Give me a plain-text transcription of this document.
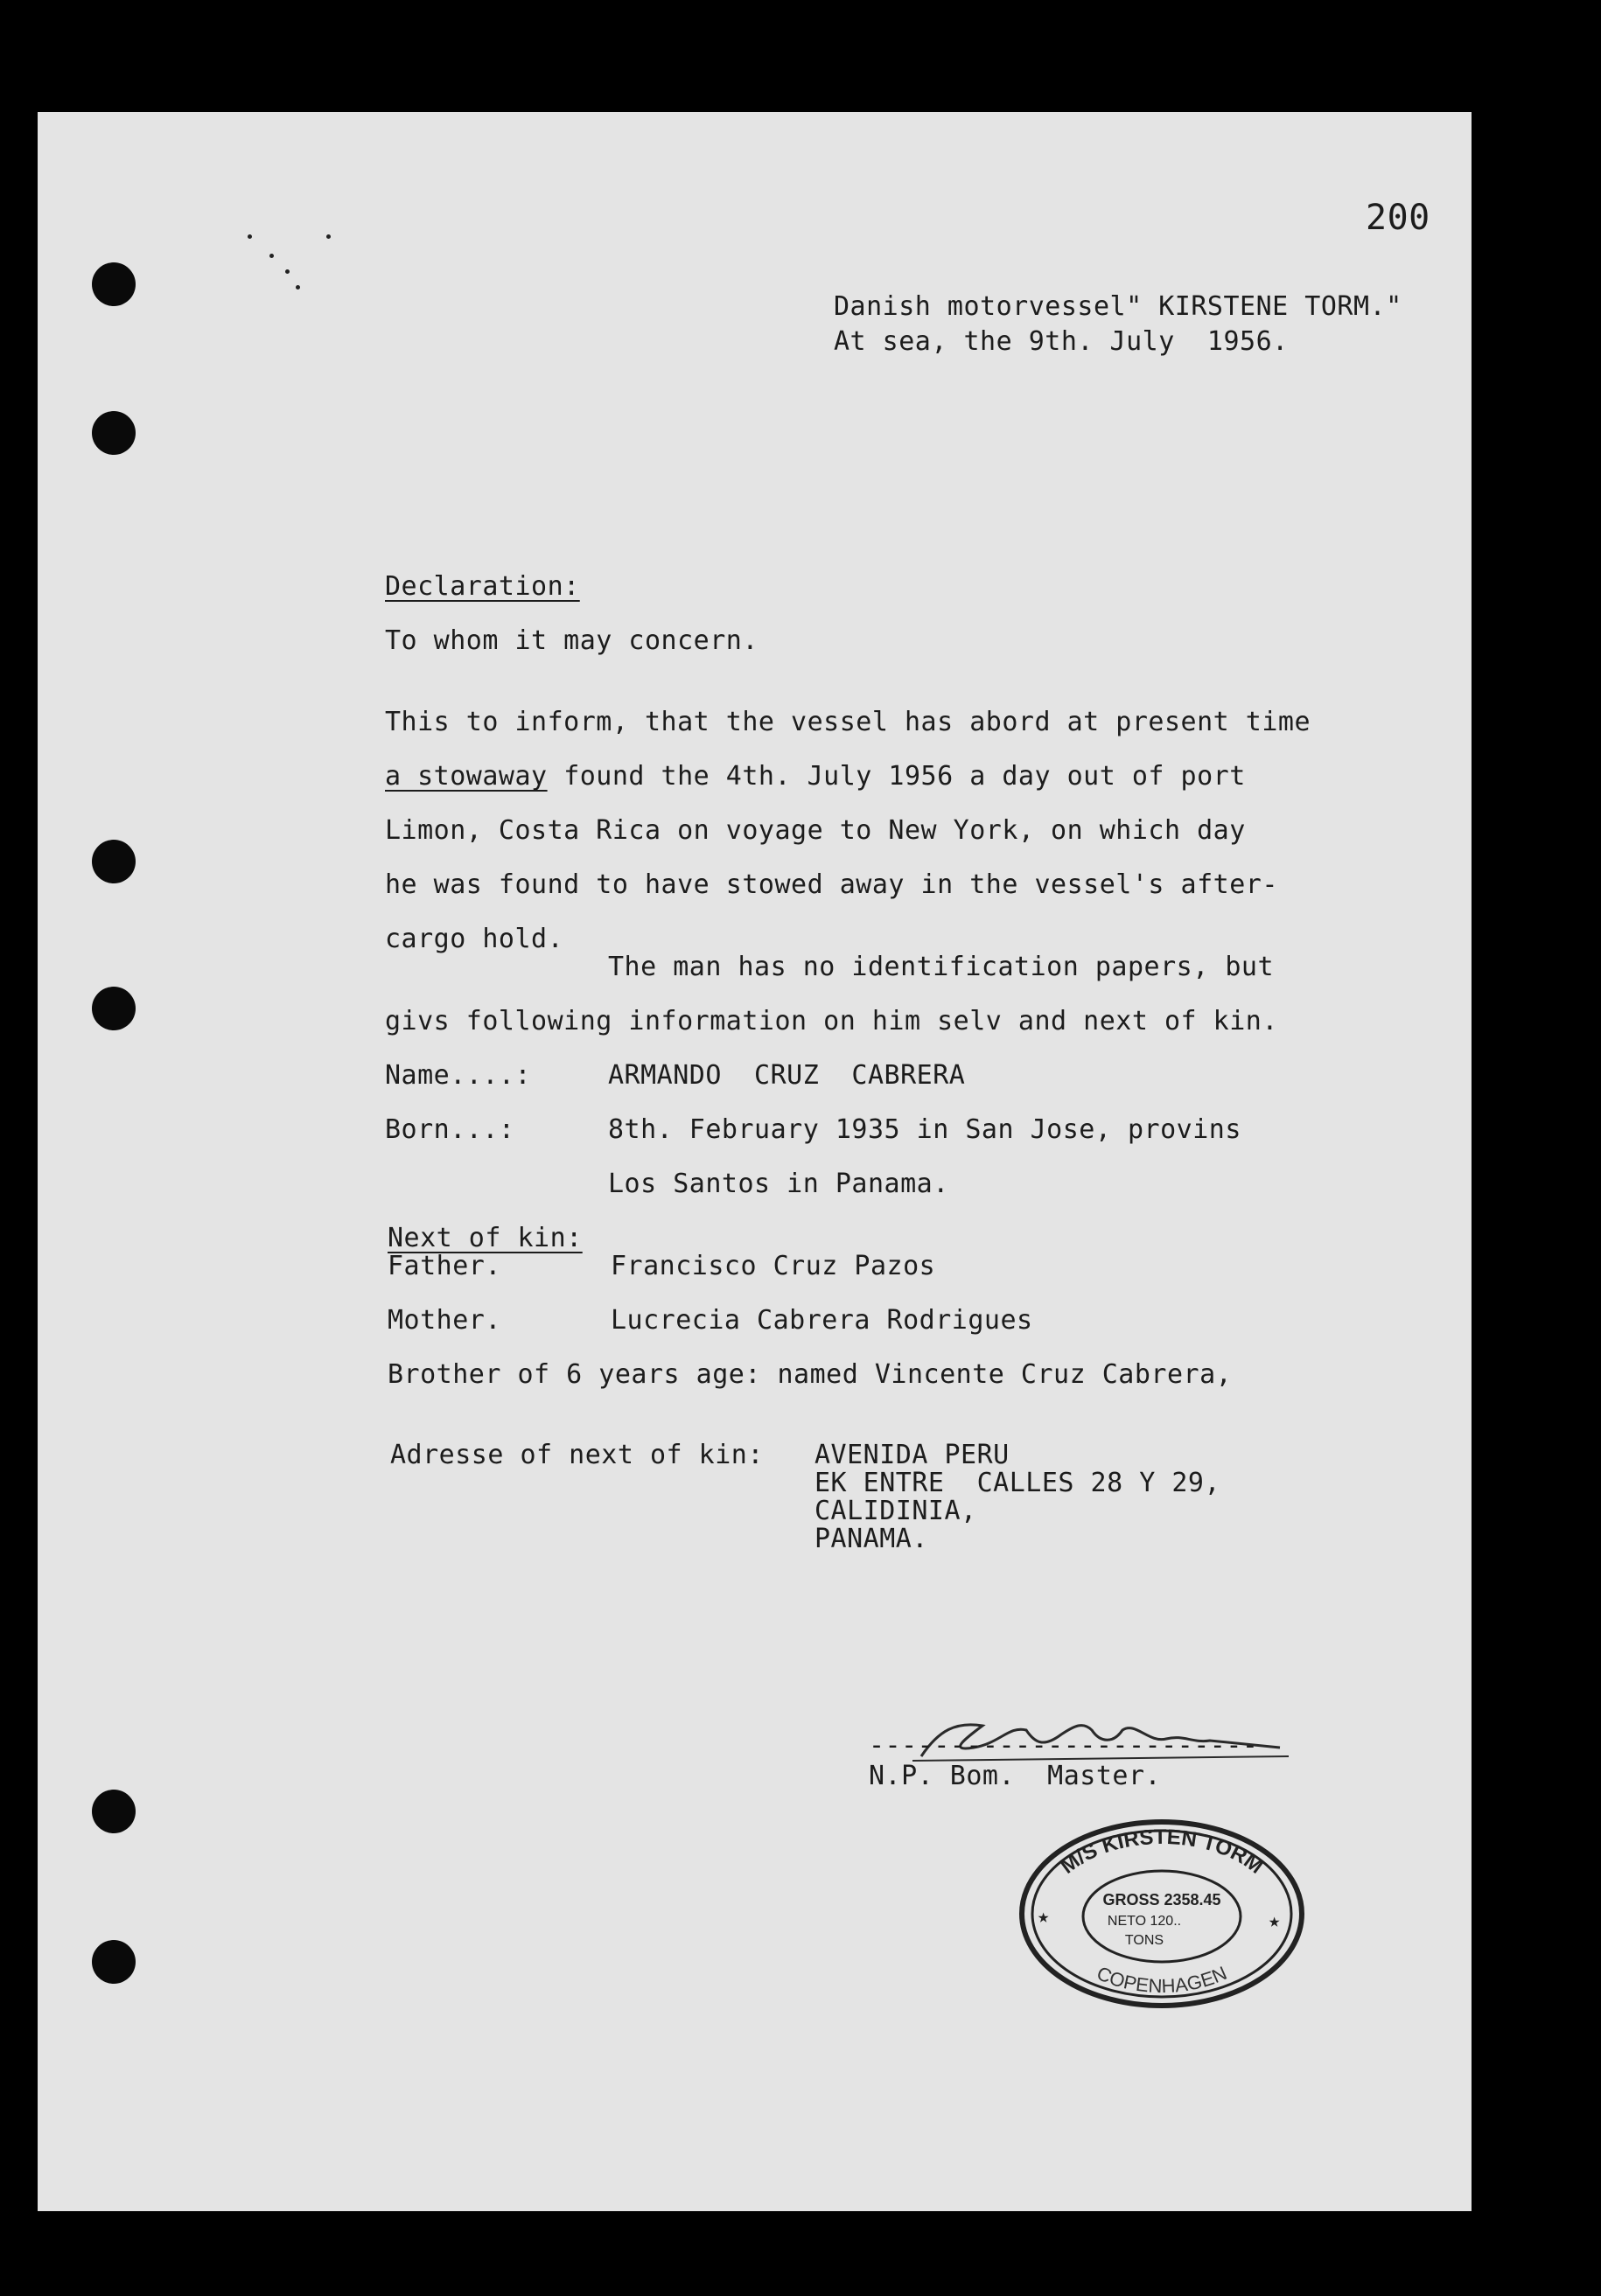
200
Danish motorvessel" KIRSTENE TORM."
At sea, the 9th. July  1956.
Declaration:
To whom it may concern.
This to inform, that the vessel has abord at present time
a stowaway found the 4th. July 1956 a day out of port
Limon, Costa Rica on voyage to New York, on which day
he was found to have stowed away in the vessel's after-
cargo hold.
The man has no identification papers, but
givs following information on him selv and next of kin.
Name....:	ARMANDO  CRUZ  CABRERA
Born...:	8th. February 1935 in San Jose, provins
Los Santos in Panama.
Next of kin:
Father.	Francisco Cruz Pazos
Mother.	Lucrecia Cabrera Rodrigues
Brother of 6 years age: named Vincente Cruz Cabrera,
Adresse of next of kin: AVENIDA PERU
EK ENTRE  CALLES 28 Y 29,
CALIDINIA,
PANAMA.
------------------------
N.P. Bom.  Master.
M/S KIRSTEN TORM
GROSS 2358.45
NETO 120..
TONS
COPENHAGEN
★	★
